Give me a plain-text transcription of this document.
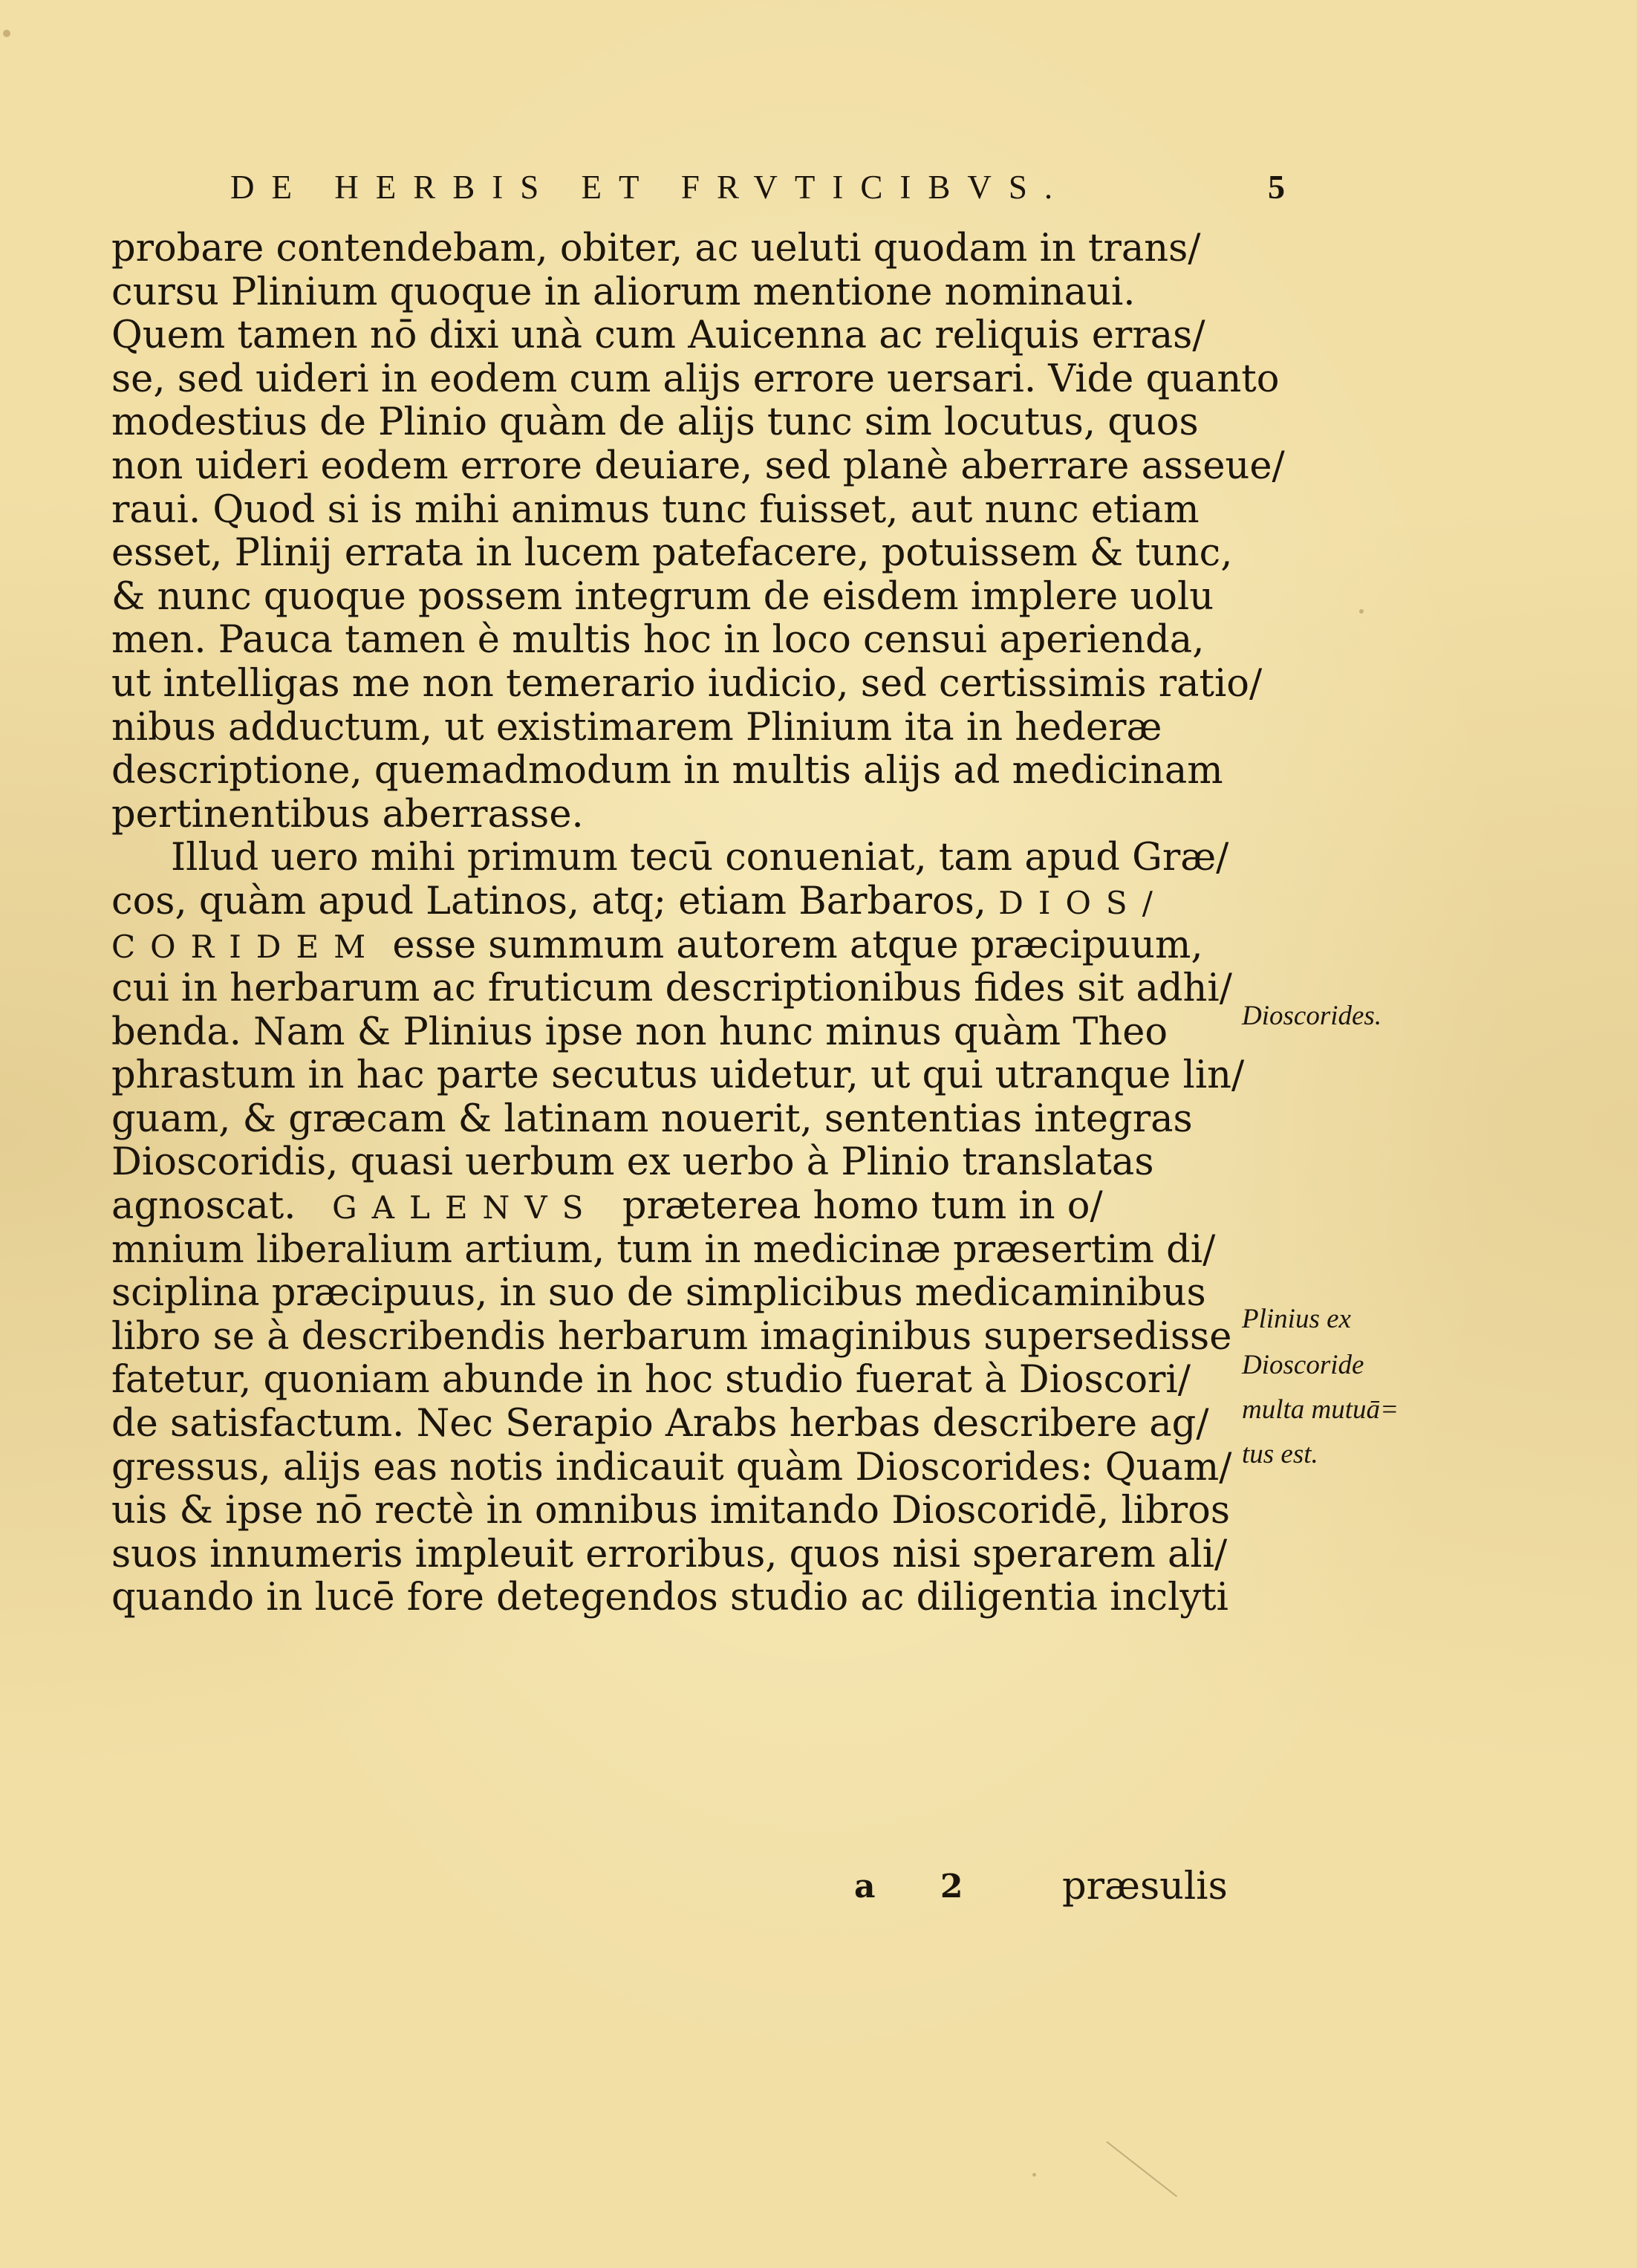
DE HERBIS ET FRVTICIBVS.	5
probare contendebam, obiter, ac ueluti quodam in trans/
cursu Plinium quoque in aliorum mentione nominaui.
Quem tamen nō dixi unà cum Auicenna ac reliquis erras/
se, sed uideri in eodem cum alijs errore uersari. Vide quanto
modestius de Plinio quàm de alijs tunc sim locutus, quos
non uideri eodem errore deuiare, sed planè aberrare asseue/
raui. Quod si is mihi animus tunc fuisset, aut nunc etiam
esset, Plinij errata in lucem patefacere, potuissem & tunc,
& nunc quoque possem integrum de eisdem implere uolu
men. Pauca tamen è multis hoc in loco censui aperienda,
ut intelligas me non temerario iudicio, sed certissimis ratio/
nibus adductum, ut existimarem Plinium ita in hederæ
descriptione, quemadmodum in multis alijs ad medicinam
pertinentibus aberrasse.
Illud uero mihi primum tecū conueniat, tam apud Græ/
cos, quàm apud Latinos, atq; etiam Barbaros, DIOS/
CORIDEM esse summum autorem atque præcipuum,
cui in herbarum ac fruticum descriptionibus fides sit adhi/
benda. Nam & Plinius ipse non hunc minus quàm Theo
phrastum in hac parte secutus uidetur, ut qui utranque lin/
guam, & græcam & latinam nouerit, sententias integras
Dioscoridis, quasi uerbum ex uerbo à Plinio translatas
agnoscat. GALENVS præterea homo tum in o/
mnium liberalium artium, tum in medicinæ præsertim di/
sciplina præcipuus, in suo de simplicibus medicaminibus
libro se à describendis herbarum imaginibus supersedisse
fatetur, quoniam abunde in hoc studio fuerat à Dioscori/
de satisfactum. Nec Serapio Arabs herbas describere ag/
gressus, alijs eas notis indicauit quàm Dioscorides: Quam/
uis & ipse nō rectè in omnibus imitando Dioscoridē, libros
suos innumeris impleuit erroribus, quos nisi sperarem ali/
quando in lucē fore detegendos studio ac diligentia inclyti
Dioscorides.
Plinius ex
Dioscoride
multa mutuā=
tus est.
a 2 præsulis
